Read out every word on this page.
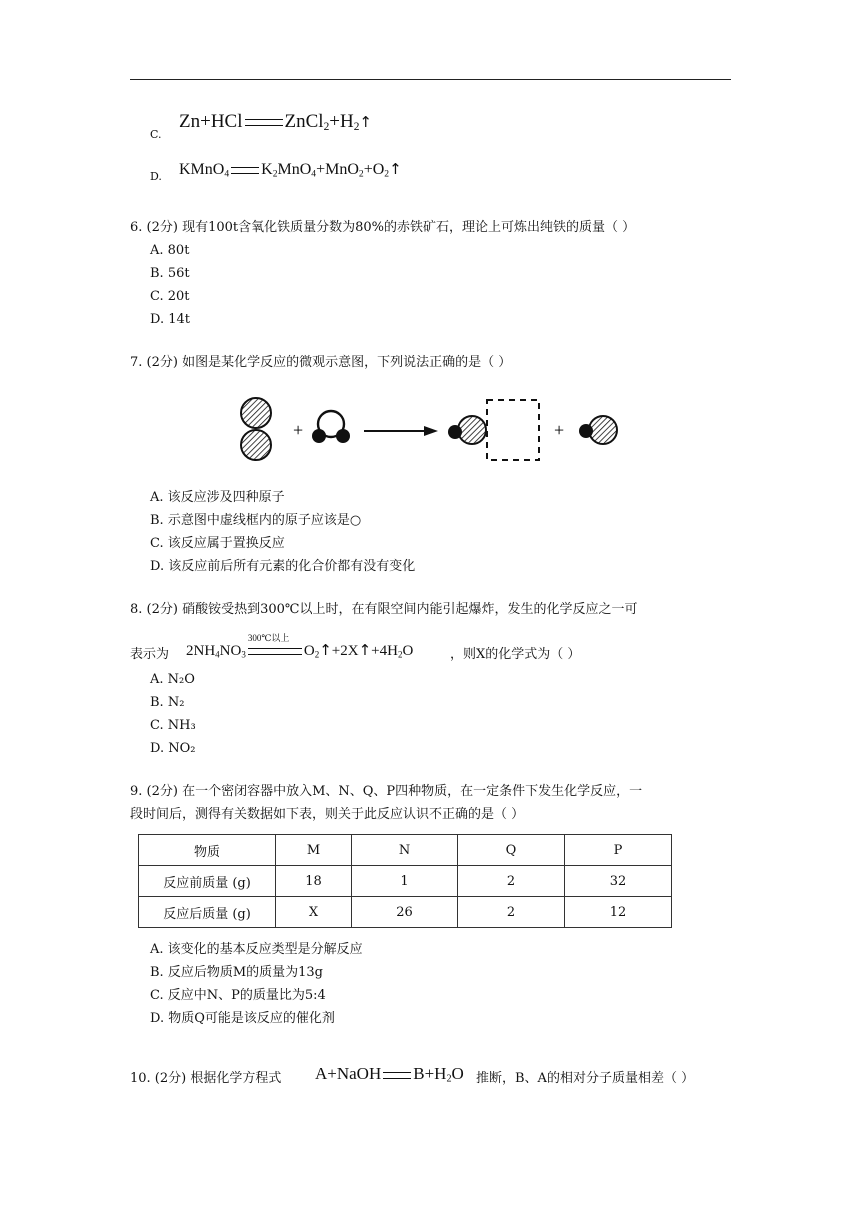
C.
Zn+HCl $ZnCl_2+H_2↑$
D. KMnO$_4$ $K_2MnO_4+MnO_2+O_2↑$
6. (2分) 现有100t含氧化铁质量分数为80%的赤铁矿石，理论上可炼出纯铁的质量（ ）
A. 80t
B. 56t
C. 20t
D. 14t
7. (2分) 如图是某化学反应的微观示意图，下列说法正确的是（ ）
+	+
A. 该反应涉及四种原子
B. 示意图中虚线框内的原子应该是○
C. 该反应属于置换反应
D. 该反应前后所有元素的化合价都有没有变化
8. (2分) 硝酸铵受热到300℃以上时，在有限空间内能引起爆炸，发生的化学反应之一可
表示为 $2NH_4NO_3$
300℃以上
$O_2↑+2X↑+4H_2O$	，则X的化学式为（ ）
A. N₂O
B. N₂
C. NH₃
D. NO₂
9. (2分) 在一个密闭容器中放入M、N、Q、P四种物质，在一定条件下发生化学反应，一
段时间后，测得有关数据如下表，则关于此反应认识不正确的是（ ）
物质	M	N	Q	P
反应前质量 (g)	18	1	2	32
反应后质量 (g)	X	26	2	12
A. 该变化的基本反应类型是分解反应
B. 反应后物质M的质量为13g
C. 反应中N、P的质量比为5:4
D. 物质Q可能是该反应的催化剂
10. (2分) 根据化学方程式 A+NaOH $B+H_2O$ 推断，B、A的相对分子质量相差（ ）
